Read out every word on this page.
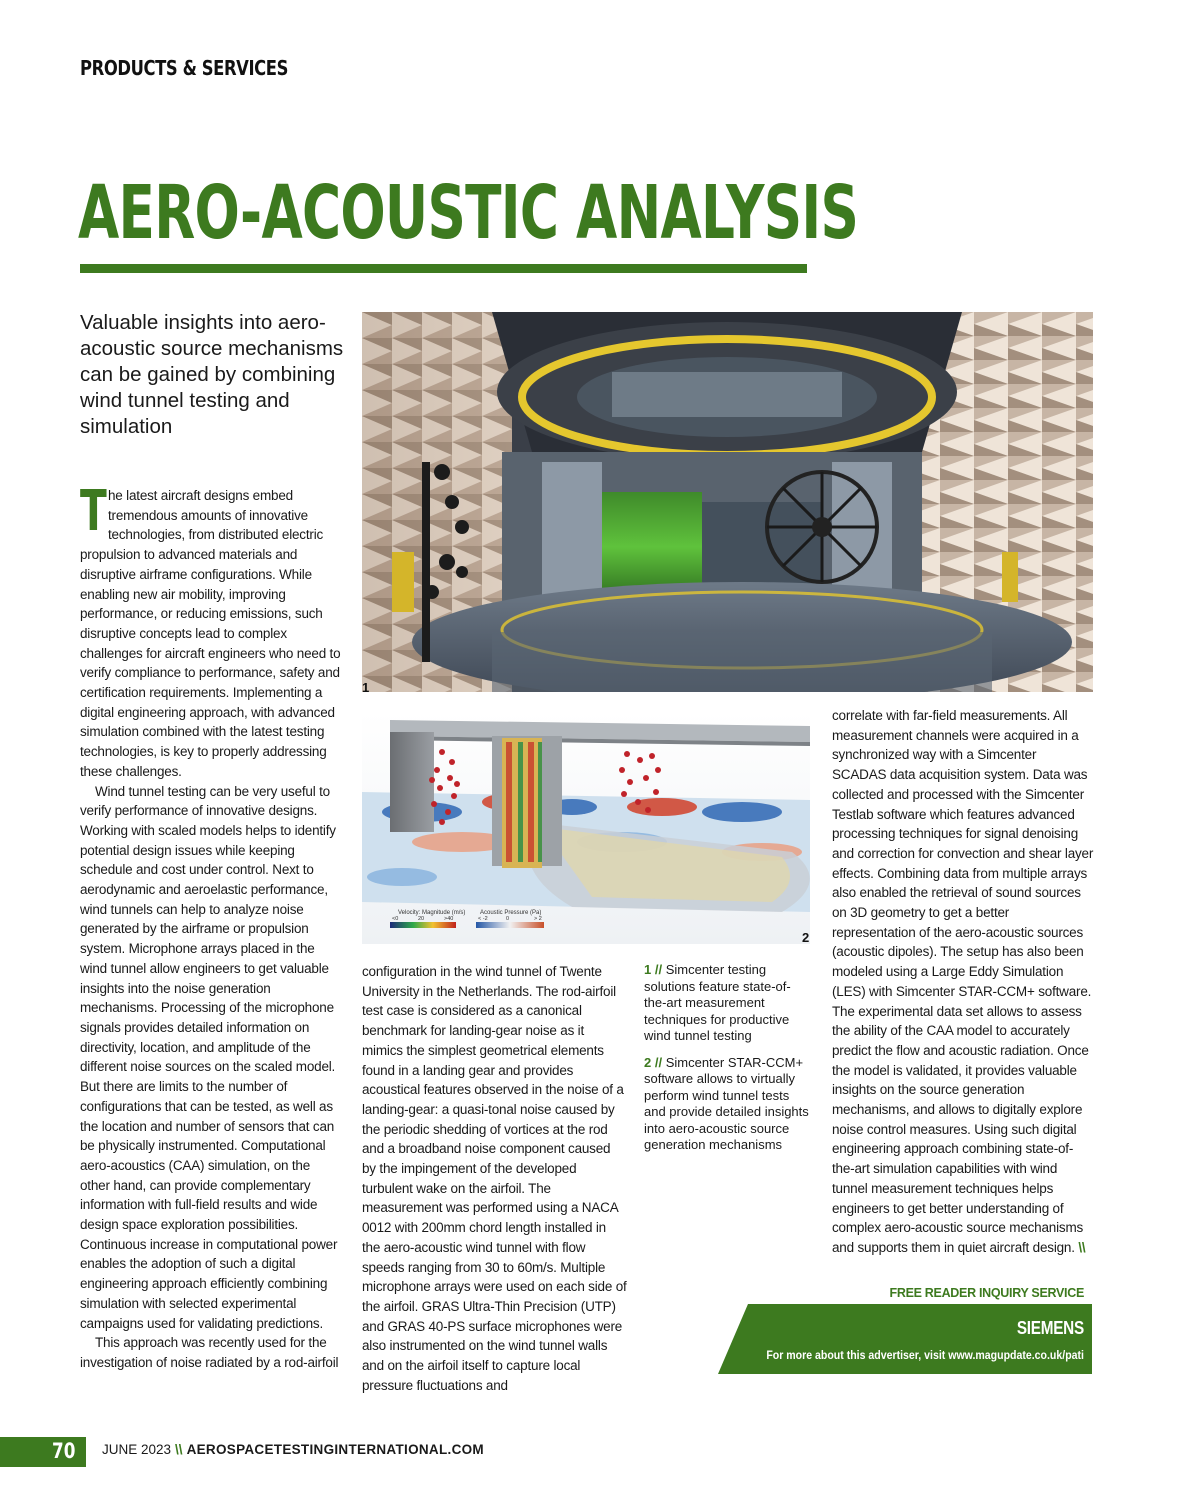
PRODUCTS & SERVICES
AERO-ACOUSTIC ANALYSIS
Valuable insights into aero-acoustic source mechanisms can be gained by combining wind tunnel testing and simulation

The latest aircraft designs embed tremendous amounts of innovative technologies, from distributed electric propulsion to advanced materials and disruptive airframe configurations. While enabling new air mobility, improving performance, or reducing emissions, such disruptive concepts lead to complex challenges for aircraft engineers who need to verify compliance to performance, safety and certification requirements. Implementing a digital engineering approach, with advanced simulation combined with the latest testing technologies, is key to properly addressing these challenges.

Wind tunnel testing can be very useful to verify performance of innovative designs. Working with scaled models helps to identify potential design issues while keeping schedule and cost under control. Next to aerodynamic and aeroelastic performance, wind tunnels can help to analyze noise generated by the airframe or propulsion system. Microphone arrays placed in the wind tunnel allow engineers to get valuable insights into the noise generation mechanisms. Processing of the microphone signals provides detailed information on directivity, location, and amplitude of the different noise sources on the scaled model. But there are limits to the number of configurations that can be tested, as well as the location and number of sensors that can be physically instrumented. Computational aero-acoustics (CAA) simulation, on the other hand, can provide complementary information with full-field results and wide design space exploration possibilities. Continuous increase in computational power enables the adoption of such a digital engineering approach efficiently combining simulation with selected experimental campaigns used for validating predictions.

This approach was recently used for the investigation of noise radiated by a rod-airfoil

1
Velocity: Magnitude (m/s)
<0	20	>40
Acoustic Pressure (Pa)
< -2	0	> 2
2

configuration in the wind tunnel of Twente University in the Netherlands. The rod-airfoil test case is considered as a canonical benchmark for landing-gear noise as it mimics the simplest geometrical elements found in a landing gear and provides acoustical features observed in the noise of a landing-gear: a quasi-tonal noise caused by the periodic shedding of vortices at the rod and a broadband noise component caused by the impingement of the developed turbulent wake on the airfoil. The measurement was performed using a NACA 0012 with 200mm chord length installed in the aero-acoustic wind tunnel with flow speeds ranging from 30 to 60m/s. Multiple microphone arrays were used on each side of the airfoil. GRAS Ultra-Thin Precision (UTP) and GRAS 40-PS surface microphones were also instrumented on the wind tunnel walls and on the airfoil itself to capture local pressure fluctuations and

1 // Simcenter testing solutions feature state-of-the-art measurement techniques for productive wind tunnel testing
2 // Simcenter STAR-CCM+ software allows to virtually perform wind tunnel tests and provide detailed insights into aero-acoustic source generation mechanisms

correlate with far-field measurements. All measurement channels were acquired in a synchronized way with a Simcenter SCADAS data acquisition system. Data was collected and processed with the Simcenter Testlab software which features advanced processing techniques for signal denoising and correction for convection and shear layer effects. Combining data from multiple arrays also enabled the retrieval of sound sources on 3D geometry to get a better representation of the aero-acoustic sources (acoustic dipoles). The setup has also been modeled using a Large Eddy Simulation (LES) with Simcenter STAR-CCM+ software. The experimental data set allows to assess the ability of the CAA model to accurately predict the flow and acoustic radiation. Once the model is validated, it provides valuable insights on the source generation mechanisms, and allows to digitally explore noise control measures. Using such digital engineering approach combining state-of-the-art simulation capabilities with wind tunnel measurement techniques helps engineers to get better understanding of complex aero-acoustic source mechanisms and supports them in quiet aircraft design. \\

FREE READER INQUIRY SERVICE
SIEMENS
For more about this advertiser, visit www.magupdate.co.uk/pati
70 JUNE 2023 \\ AEROSPACETESTINGINTERNATIONAL.COM
